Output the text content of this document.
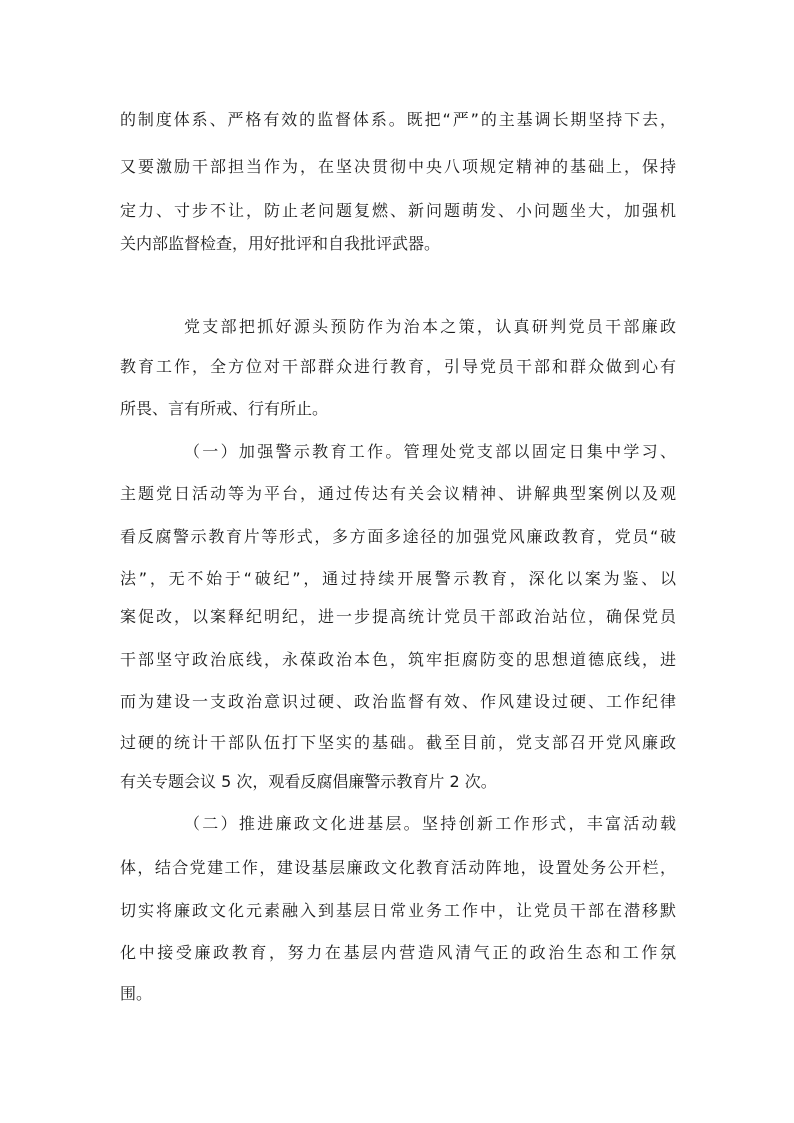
的制度体系、严格有效的监督体系。既把“严”的主基调长期坚持下去，
又要激励干部担当作为，在坚决贯彻中央八项规定精神的基础上，保持
定力、寸步不让，防止老问题复燃、新问题萌发、小问题坐大，加强机
关内部监督检查，用好批评和自我批评武器。
党支部把抓好源头预防作为治本之策，认真研判党员干部廉政
教育工作，全方位对干部群众进行教育，引导党员干部和群众做到心有
所畏、言有所戒、行有所止。
（一）加强警示教育工作。管理处党支部以固定日集中学习、
主题党日活动等为平台，通过传达有关会议精神、讲解典型案例以及观
看反腐警示教育片等形式，多方面多途径的加强党风廉政教育，党员“破
法”，无不始于“破纪”，通过持续开展警示教育，深化以案为鉴、以
案促改，以案释纪明纪，进一步提高统计党员干部政治站位，确保党员
干部坚守政治底线，永葆政治本色，筑牢拒腐防变的思想道德底线，进
而为建设一支政治意识过硬、政治监督有效、作风建设过硬、工作纪律
过硬的统计干部队伍打下坚实的基础。截至目前，党支部召开党风廉政
有关专题会议 5 次，观看反腐倡廉警示教育片 2 次。
（二）推进廉政文化进基层。坚持创新工作形式，丰富活动载
体，结合党建工作，建设基层廉政文化教育活动阵地，设置处务公开栏，
切实将廉政文化元素融入到基层日常业务工作中，让党员干部在潜移默
化中接受廉政教育，努力在基层内营造风清气正的政治生态和工作氛
围。
